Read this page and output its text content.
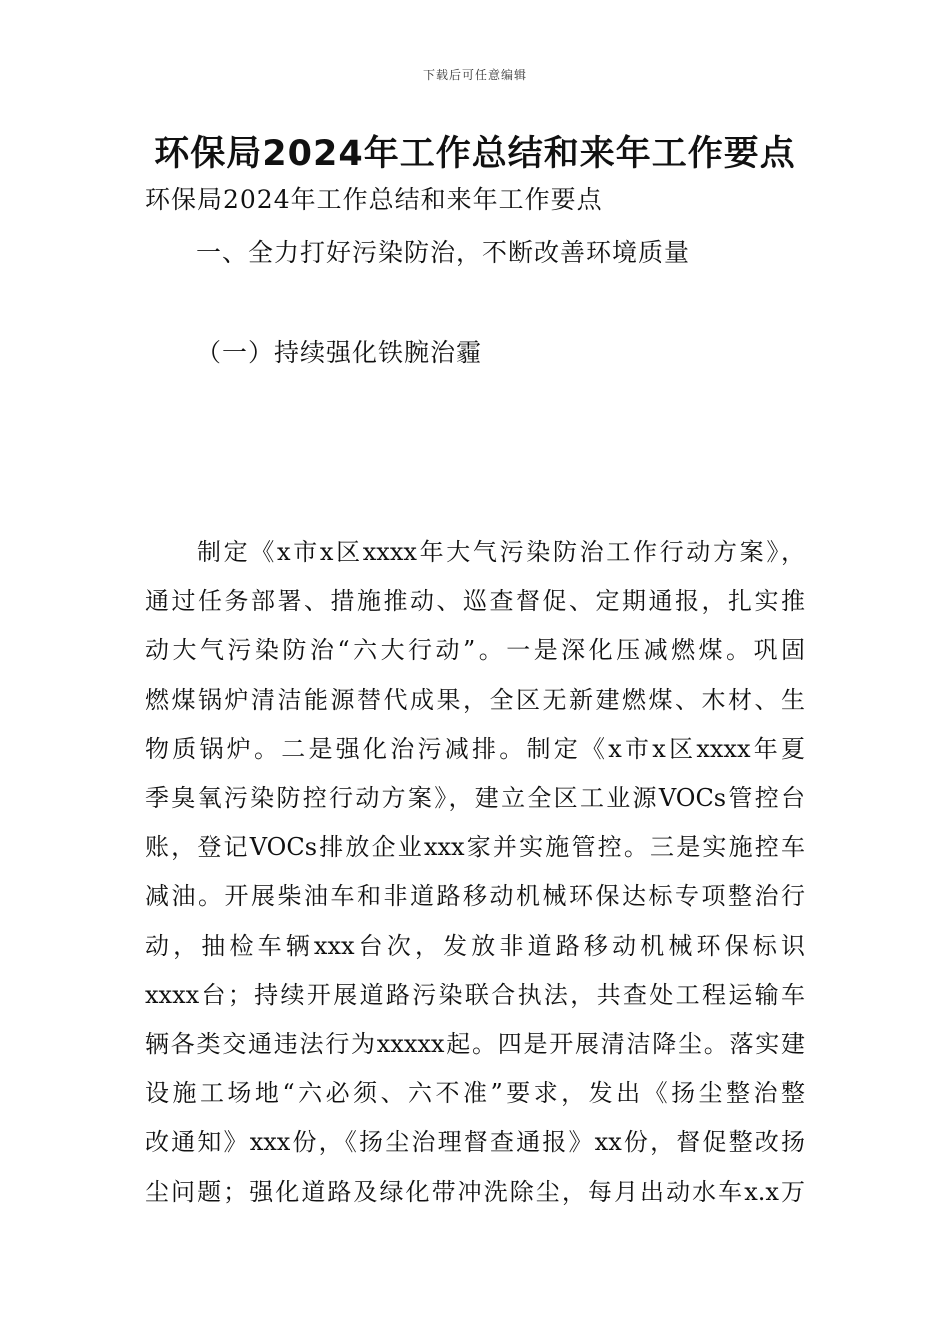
下载后可任意编辑
环保局2024年工作总结和来年工作要点
环保局2024年工作总结和来年工作要点
一、全力打好污染防治，不断改善环境质量
（一）持续强化铁腕治霾
制定《x市x区xxxx年大气污染防治工作行动方案》，
通过任务部署、措施推动、巡查督促、定期通报，扎实推
动大气污染防治“六大行动”。一是深化压减燃煤。巩固
燃煤锅炉清洁能源替代成果，全区无新建燃煤、木材、生
物质锅炉。二是强化治污减排。制定《x市x区xxxx年夏
季臭氧污染防控行动方案》，建立全区工业源VOCs管控台
账，登记VOCs排放企业xxx家并实施管控。三是实施控车
减油。开展柴油车和非道路移动机械环保达标专项整治行
动，抽检车辆xxx台次，发放非道路移动机械环保标识
xxxx台；持续开展道路污染联合执法，共查处工程运输车
辆各类交通违法行为xxxxx起。四是开展清洁降尘。落实建
设施工场地“六必须、六不准”要求，发出《扬尘整治整
改通知》xxx份，《扬尘治理督查通报》xx份，督促整改扬
尘问题；强化道路及绿化带冲洗除尘，每月出动水车x.x万
